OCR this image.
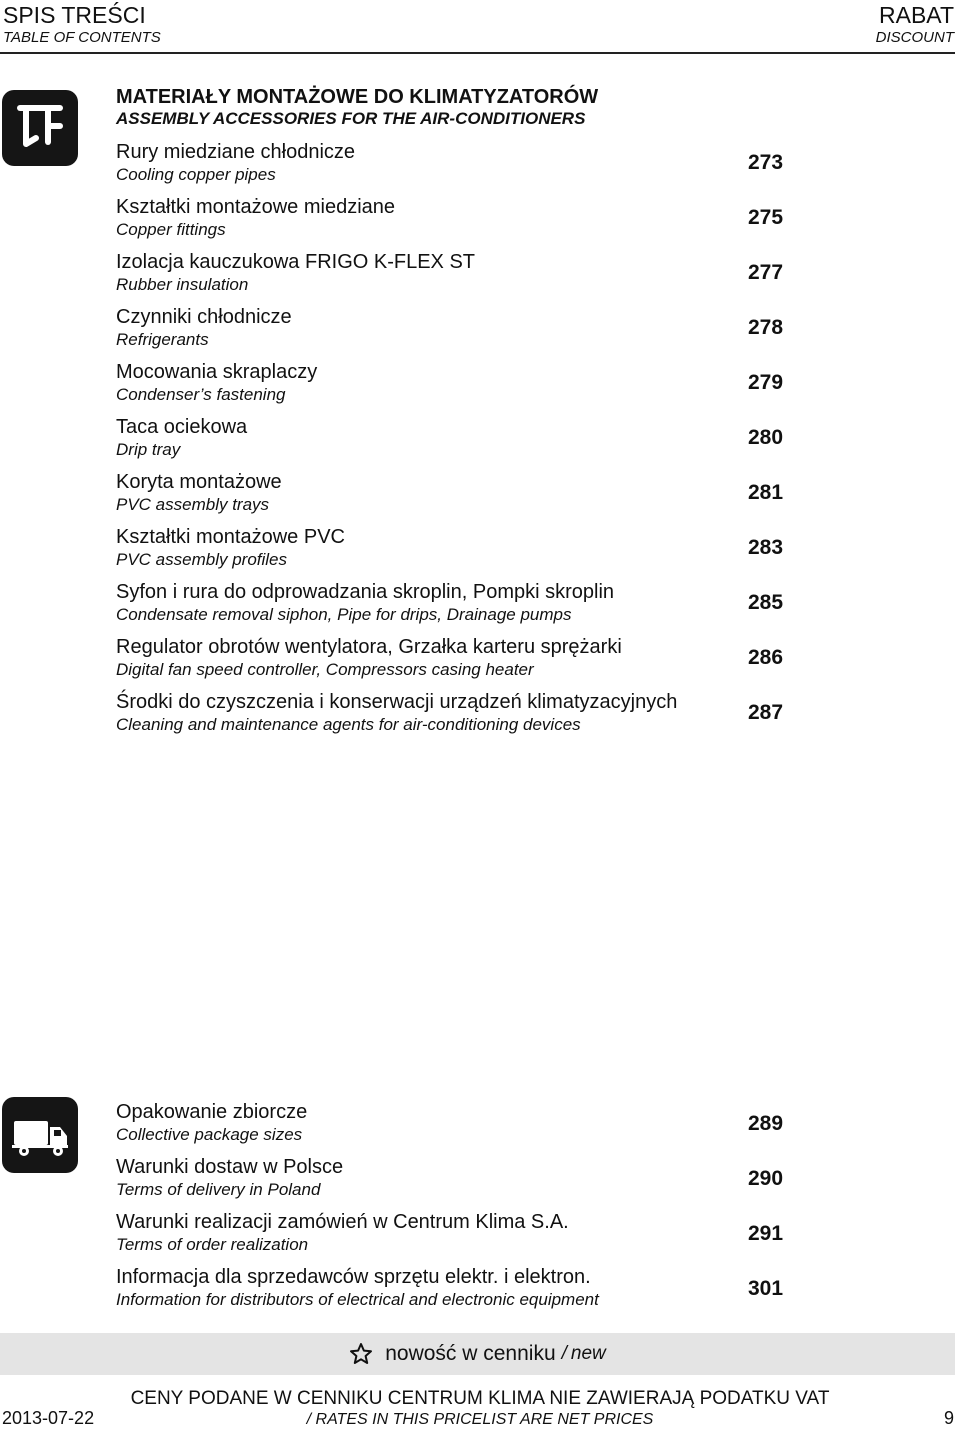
SPIS TREŚCI
TABLE OF CONTENTS
RABAT
DISCOUNT
MATERIAŁY MONTAŻOWE DO KLIMATYZATORÓW
ASSEMBLY ACCESSORIES FOR THE AIR-CONDITIONERS
Rury miedziane chłodnicze
Cooling copper pipes
273
Kształtki montażowe miedziane
Copper fittings
275
Izolacja kauczukowa FRIGO K-FLEX ST
Rubber insulation
277
Czynniki chłodnicze
Refrigerants
278
Mocowania skraplaczy
Condenser’s fastening
279
Taca ociekowa
Drip tray
280
Koryta montażowe
PVC assembly trays
281
Kształtki montażowe PVC
PVC assembly profiles
283
Syfon i rura do odprowadzania skroplin, Pompki skroplin
Condensate removal siphon, Pipe for drips, Drainage pumps
285
Regulator obrotów wentylatora, Grzałka karteru sprężarki
Digital fan speed controller, Compressors casing heater
286
Środki do czyszczenia i konserwacji urządzeń klimatyzacyjnych
Cleaning and maintenance agents for air-conditioning devices
287
Opakowanie zbiorcze
Collective package sizes	289
Warunki dostaw w Polsce
Terms of delivery in Poland	290
Warunki realizacji zamówień w Centrum Klima S.A.
Terms of order realization	291
Informacja dla sprzedawców sprzętu elektr. i elektron.
Information for distributors of electrical and electronic equipment	301
nowość w cenniku / new
2013-07-22
CENY PODANE W CENNIKU CENTRUM KLIMA NIE ZAWIERAJĄ PODATKU VAT
/ RATES IN THIS PRICELIST ARE NET PRICES	9
